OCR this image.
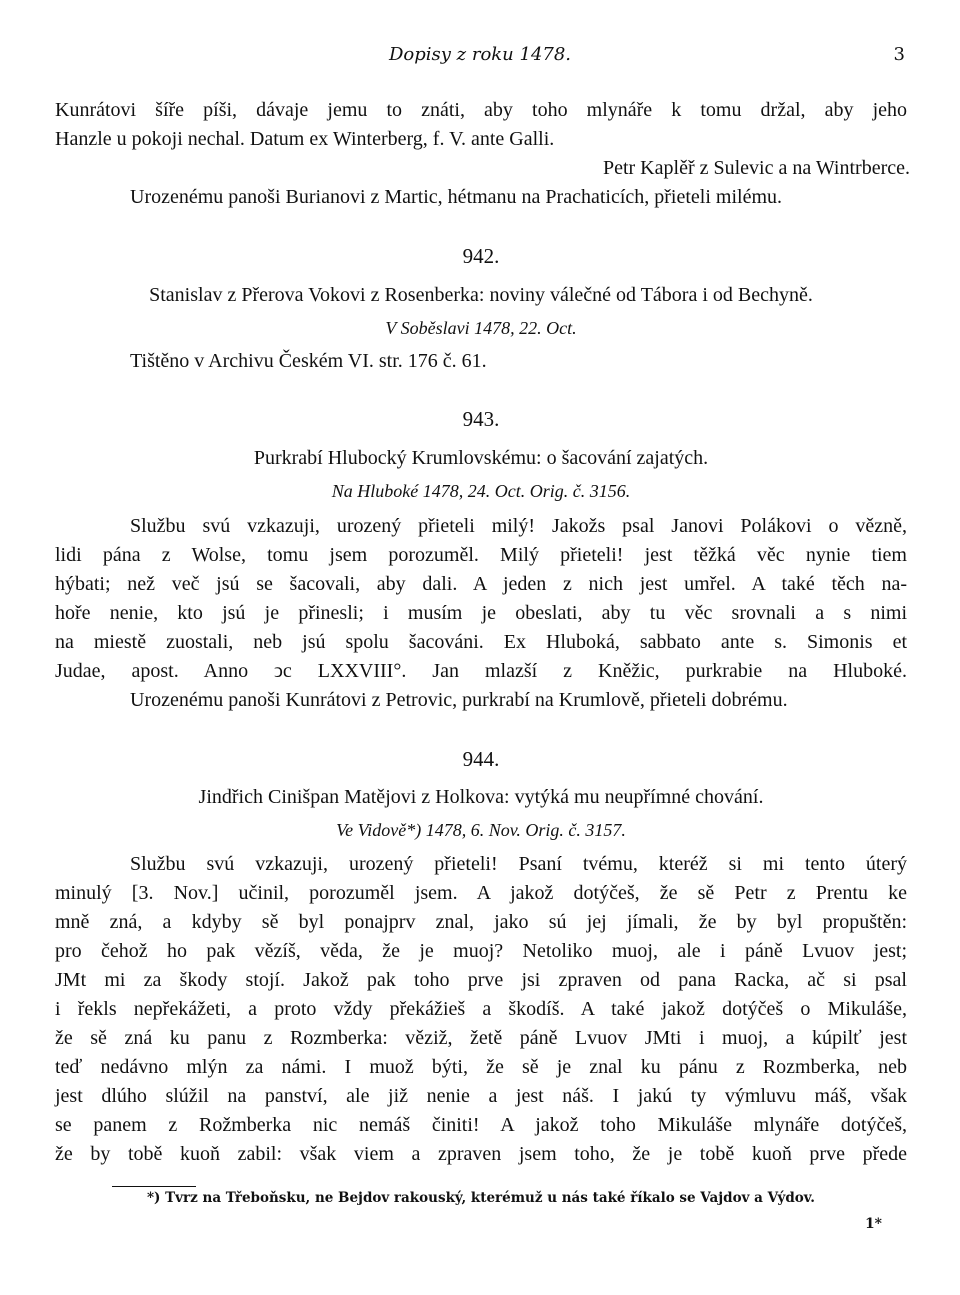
Dopisy z roku 1478.	3
Kunrátovi šíře píši, dávaje jemu to znáti, aby toho mlynáře k tomu držal, aby jeho
Hanzle u pokoji nechal. Datum ex Winterberg, f. V. ante Galli.
Petr Kaplěř z Sulevic a na Wintrberce.
Urozenému panoši Burianovi z Martic, hétmanu na Prachaticích, přieteli milému.
942.
Stanislav z Přerova Vokovi z Rosenberka: noviny válečné od Tábora i od Bechyně.
V Soběslavi 1478, 22. Oct.
Tištěno v Archivu Českém VI. str. 176 č. 61.
943.
Purkrabí Hlubocký Krumlovskému: o šacování zajatých.
Na Hluboké 1478, 24. Oct. Orig. č. 3156.
Službu svú vzkazuji, urozený přieteli milý! Jakožs psal Janovi Polákovi o vězně,
lidi pána z Wolse, tomu jsem porozuměl. Milý přieteli! jest těžká věc nynie tiem
hýbati; než več jsú se šacovali, aby dali. A jeden z nich jest umřel. A také těch na-
hoře nenie, kto jsú je přinesli; i musím je obeslati, aby tu věc srovnali a s nimi
na miestě zuostali, neb jsú spolu šacováni. Ex Hluboká, sabbato ante s. Simonis et
Judae, apost. Anno ↄc LXXVIII°. Jan mlazší z Kněžic, purkrabie na Hluboké.
Urozenému panoši Kunrátovi z Petrovic, purkrabí na Krumlově, přieteli dobrému.
944.
Jindřich Cinišpan Matějovi z Holkova: vytýká mu neupřímné chování.
Ve Vidově*) 1478, 6. Nov. Orig. č. 3157.
Službu svú vzkazuji, urozený přieteli! Psaní tvému, kteréž si mi tento úterý
minulý [3. Nov.] učinil, porozuměl jsem. A jakož dotýčeš, že sě Petr z Prentu ke
mně zná, a kdyby sě byl ponajprv znal, jako sú jej jímali, že by byl propuštěn:
pro čehož ho pak vězíš, věda, že je muoj? Netoliko muoj, ale i páně Lvuov jest;
JMt mi za škody stojí. Jakož pak toho prve jsi zpraven od pana Racka, ač si psal
i řekls nepřekážeti, a proto vždy překážieš a škodíš. A také jakož dotýčeš o Mikuláše,
že sě zná ku panu z Rozmberka: věziž, žetě páně Lvuov JMti i muoj, a kúpilť jest
teď nedávno mlýn za námi. I muož býti, že sě je znal ku pánu z Rozmberka, neb
jest dlúho slúžil na panství, ale již nenie a jest náš. I jakú ty výmluvu máš, však
se panem z Rožmberka nic nemáš činiti! A jakož toho Mikuláše mlynáře dotýčeš,
že by tobě kuoň zabil: však viem a zpraven jsem toho, že je tobě kuoň prve přede
*) Tvrz na Třeboňsku, ne Bejdov rakouský, kterémuž u nás také říkalo se Vajdov a Výdov.
1*
